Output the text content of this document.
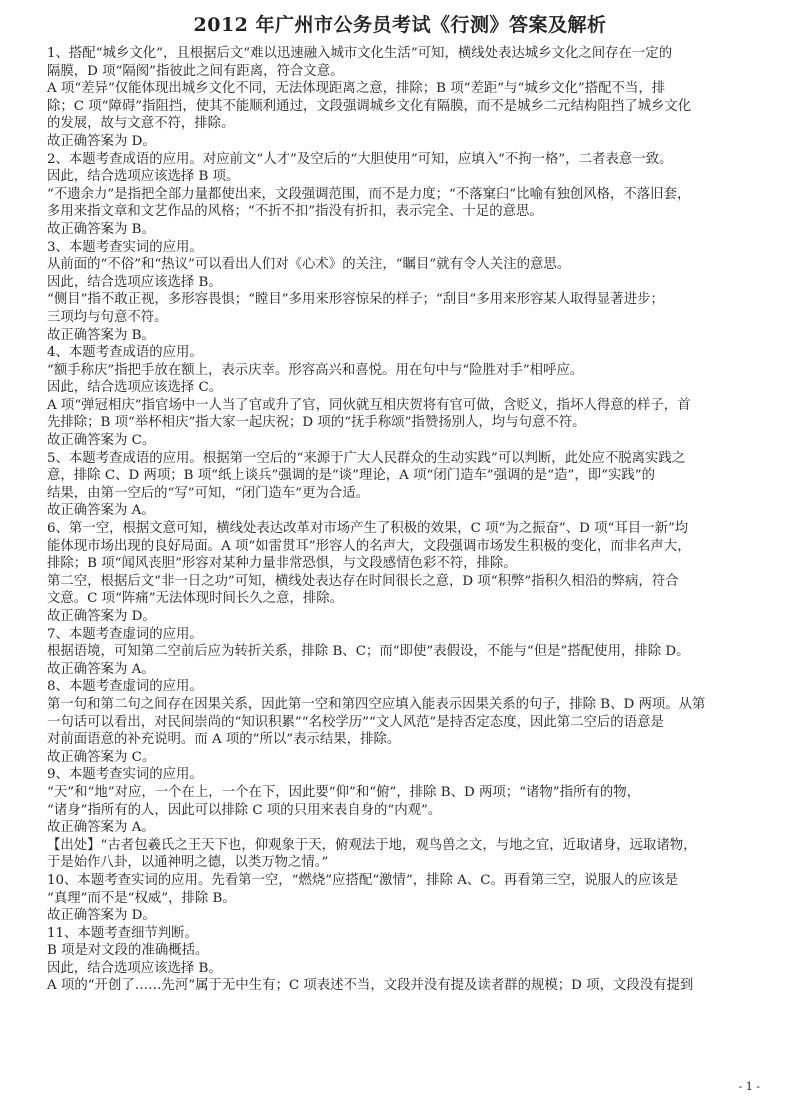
2012 年广州市公务员考试《行测》答案及解析
1、搭配“城乡文化”，且根据后文“难以迅速融入城市文化生活”可知，横线处表达城乡文化之间存在一定的
隔膜，D 项“隔阂”指彼此之间有距离，符合文意。
A 项“差异”仅能体现出城乡文化不同，无法体现距离之意，排除；B 项“差距”与“城乡文化”搭配不当，排
除；C 项“障碍”指阻挡，使其不能顺利通过，文段强调城乡文化有隔膜，而不是城乡二元结构阻挡了城乡文化
的发展，故与文意不符，排除。
故正确答案为 D。
2、本题考查成语的应用。对应前文“人才”及空后的“大胆使用”可知，应填入“不拘一格”，二者表意一致。
因此，结合选项应该选择 B 项。
“不遗余力”是指把全部力量都使出来，文段强调范围，而不是力度；“不落窠臼”比喻有独创风格，不落旧套，
多用来指文章和文艺作品的风格；“不折不扣”指没有折扣，表示完全、十足的意思。
故正确答案为 B。
3、本题考查实词的应用。
从前面的“不俗”和“热议”可以看出人们对《心术》的关注，“瞩目”就有令人关注的意思。
因此，结合选项应该选择 B。
“侧目”指不敢正视，多形容畏惧；“瞠目”多用来形容惊呆的样子；“刮目”多用来形容某人取得显著进步；
三项均与句意不符。
故正确答案为 B。
4、本题考查成语的应用。
“额手称庆”指把手放在额上，表示庆幸。形容高兴和喜悦。用在句中与“险胜对手”相呼应。
因此，结合选项应该选择 C。
A 项“弹冠相庆”指官场中一人当了官或升了官，同伙就互相庆贺将有官可做，含贬义，指坏人得意的样子，首
先排除；B 项“举杯相庆”指大家一起庆祝；D 项的“抚手称颂”指赞扬别人，均与句意不符。
故正确答案为 C。
5、本题考查成语的应用。根据第一空后的“来源于广大人民群众的生动实践”可以判断，此处应不脱离实践之
意，排除 C、D 两项；B 项“纸上谈兵”强调的是“谈”理论，A 项“闭门造车”强调的是“造”，即“实践”的
结果，由第一空后的“写”可知，“闭门造车”更为合适。
故正确答案为 A。
6、第一空，根据文意可知，横线处表达改革对市场产生了积极的效果，C 项“为之振奋”、D 项“耳目一新”均
能体现市场出现的良好局面。A 项“如雷贯耳”形容人的名声大，文段强调市场发生积极的变化，而非名声大，
排除；B 项“闻风丧胆”形容对某种力量非常恐惧，与文段感情色彩不符，排除。
第二空，根据后文“非一日之功”可知，横线处表达存在时间很长之意，D 项“积弊”指积久相沿的弊病，符合
文意。C 项“阵痛”无法体现时间长久之意，排除。
故正确答案为 D。
7、本题考查虚词的应用。
根据语境，可知第二空前后应为转折关系，排除 B、C；而“即使”表假设，不能与“但是”搭配使用，排除 D。
故正确答案为 A。
8、本题考查虚词的应用。
第一句和第二句之间存在因果关系，因此第一空和第四空应填入能表示因果关系的句子，排除 B、D 两项。从第
一句话可以看出，对民间崇尚的“知识积累”“名校学历”“文人风范”是持否定态度，因此第二空后的语意是
对前面语意的补充说明。而 A 项的“所以”表示结果，排除。
故正确答案为 C。
9、本题考查实词的应用。
“天”和“地”对应，一个在上，一个在下，因此要“仰”和“俯”，排除 B、D 两项；“诸物”指所有的物，
“诸身”指所有的人，因此可以排除 C 项的只用来表自身的“内观”。
故正确答案为 A。
【出处】“古者包羲氏之王天下也，仰观象于天，俯观法于地，观鸟兽之文，与地之宜，近取诸身，远取诸物，
于是始作八卦，以通神明之德，以类万物之情。”
10、本题考查实词的应用。先看第一空，“燃烧”应搭配“激情”，排除 A、C。再看第三空，说服人的应该是
“真理”而不是“权威”，排除 B。
故正确答案为 D。
11、本题考查细节判断。
B 项是对文段的准确概括。
因此，结合选项应该选择 B。
A 项的“开创了……先河”属于无中生有；C 项表述不当，文段并没有提及读者群的规模；D 项，文段没有提到
- 1 -
